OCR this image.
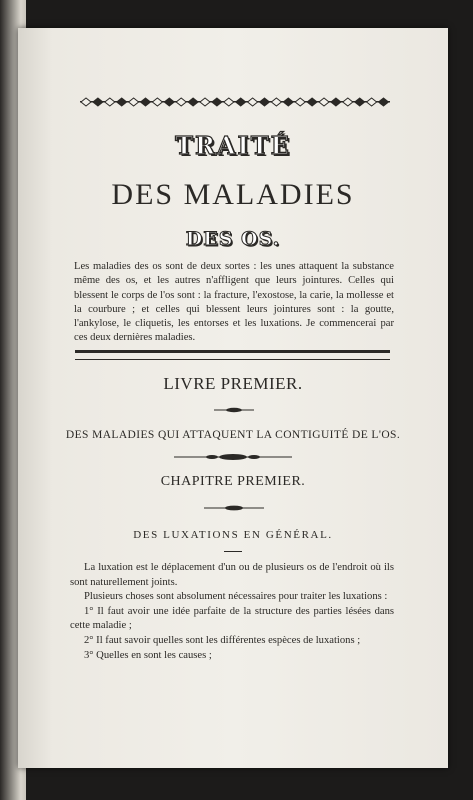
TRAITÉ
DES MALADIES
DES OS.
Les maladies des os sont de deux sortes : les unes attaquent la substance même des os, et les autres n'affligent que leurs jointures. Celles qui blessent le corps de l'os sont : la fracture, l'exostose, la carie, la mollesse et la courbure ; et celles qui blessent leurs jointures sont : la goutte, l'ankylose, le cliquetis, les entorses et les luxations. Je commencerai par ces deux dernières maladies.
LIVRE PREMIER.
DES MALADIES QUI ATTAQUENT LA CONTIGUITÉ DE L'OS.
CHAPITRE PREMIER.
DES LUXATIONS EN GÉNÉRAL.

La luxation est le déplacement d'un ou de plusieurs os de l'endroit où ils sont naturellement joints.

Plusieurs choses sont absolument nécessaires pour traiter les luxations :

1° Il faut avoir une idée parfaite de la structure des parties lésées dans cette maladie ;

2° Il faut savoir quelles sont les différentes espèces de luxations ;

3° Quelles en sont les causes ;
